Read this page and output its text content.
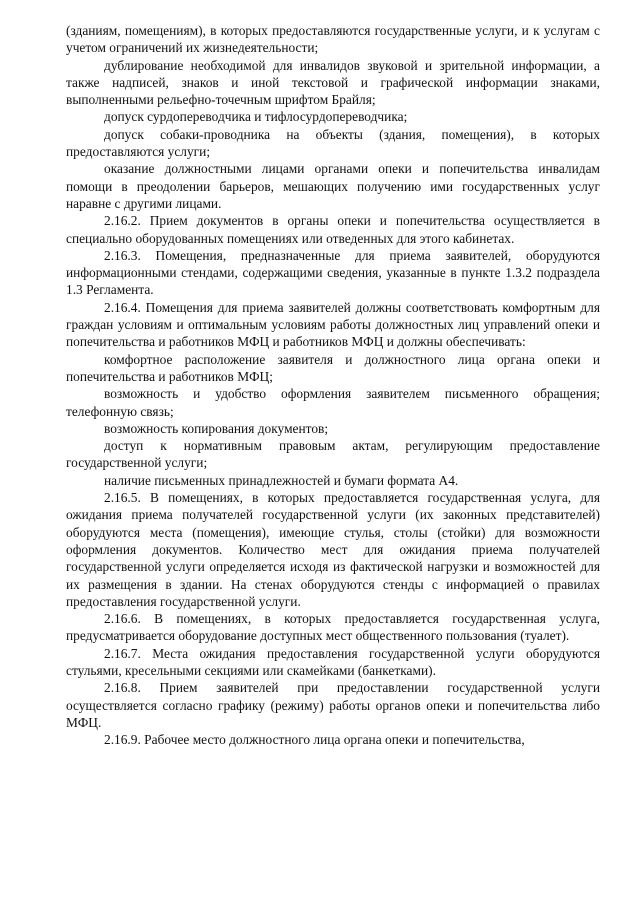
(зданиям, помещениям), в которых предоставляются государственные услуги, и к услугам с учетом ограничений их жизнедеятельности;

дублирование необходимой для инвалидов звуковой и зрительной информации, а также надписей, знаков и иной текстовой и графической информации знаками, выполненными рельефно-точечным шрифтом Брайля;

допуск сурдопереводчика и тифлосурдопереводчика;

допуск собаки-проводника на объекты (здания, помещения), в которых предоставляются услуги;

оказание должностными лицами органами опеки и попечительства инвалидам помощи в преодолении барьеров, мешающих получению ими государственных услуг наравне с другими лицами.

2.16.2. Прием документов в органы опеки и попечительства осуществляется в специально оборудованных помещениях или отведенных для этого кабинетах.

2.16.3. Помещения, предназначенные для приема заявителей, оборудуются информационными стендами, содержащими сведения, указанные в пункте 1.3.2 подраздела 1.3 Регламента.

2.16.4. Помещения для приема заявителей должны соответствовать комфортным для граждан условиям и оптимальным условиям работы должностных лиц управлений опеки и попечительства и работников МФЦ и работников МФЦ и должны обеспечивать:

комфортное расположение заявителя и должностного лица органа опеки и попечительства и работников МФЦ;

возможность и удобство оформления заявителем письменного обращения; телефонную связь;

возможность копирования документов;

доступ к нормативным правовым актам, регулирующим предоставление государственной услуги;

наличие письменных принадлежностей и бумаги формата А4.

2.16.5. В помещениях, в которых предоставляется государственная услуга, для ожидания приема получателей государственной услуги (их законных представителей) оборудуются места (помещения), имеющие стулья, столы (стойки) для возможности оформления документов. Количество мест для ожидания приема получателей государственной услуги определяется исходя из фактической нагрузки и возможностей для их размещения в здании. На стенах оборудуются стенды с информацией о правилах предоставления государственной услуги.

2.16.6. В помещениях, в которых предоставляется государственная услуга, предусматривается оборудование доступных мест общественного пользования (туалет).

2.16.7. Места ожидания предоставления государственной услуги оборудуются стульями, кресельными секциями или скамейками (банкетками).

2.16.8. Прием заявителей при предоставлении государственной услуги осуществляется согласно графику (режиму) работы органов опеки и попечительства либо МФЦ.

2.16.9. Рабочее место должностного лица органа опеки и попечительства,
